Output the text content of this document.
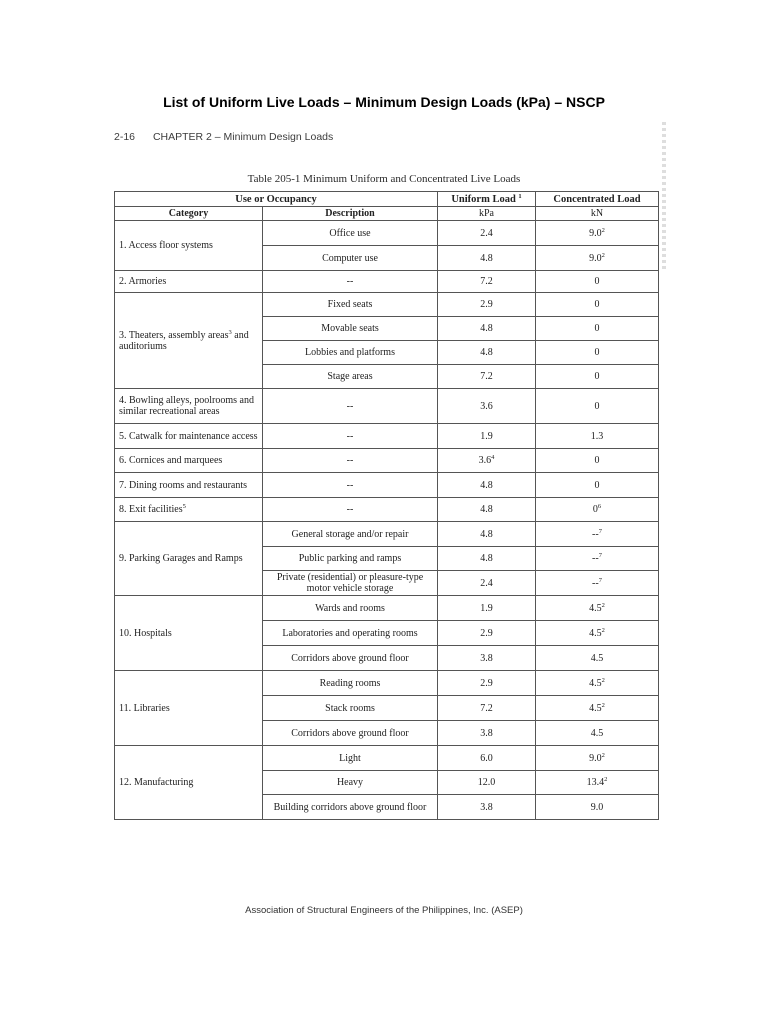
List of Uniform Live Loads – Minimum Design Loads (kPa) – NSCP
2-16 CHAPTER 2 – Minimum Design Loads
Table 205-1 Minimum Uniform and Concentrated Live Loads
Use or Occupancy		Uniform Load $^1$	Concentrated Load
Category	Description	kPa	kN
1. Access floor systems	Office use	2.4	$9.0^2$
	Computer use	4.8	$9.0^2$
2. Armories	--	7.2	0
3. Theaters, assembly areas$^3$ and auditoriums	Fixed seats	2.9	0
	Movable seats	4.8	0
	Lobbies and platforms	4.8	0
	Stage areas	7.2	0
4. Bowling alleys, poolrooms and similar recreational areas	--	3.6	0
5. Catwalk for maintenance access	--	1.9	1.3
6. Cornices and marquees	--	$3.6^4$	0
7. Dining rooms and restaurants	--	4.8	0
8. Exit facilities$^5$	--	4.8	$0^6$
9. Parking Garages and Ramps	General storage and/or repair	4.8	--$^7$
	Public parking and ramps	4.8	--$^7$
	Private (residential) or pleasure-type motor vehicle storage	2.4	--$^7$
10. Hospitals	Wards and rooms	1.9	$4.5^2$
	Laboratories and operating rooms	2.9	$4.5^2$
	Corridors above ground floor	3.8	4.5
11. Libraries	Reading rooms	2.9	$4.5^2$
	Stack rooms	7.2	$4.5^2$
	Corridors above ground floor	3.8	4.5
12. Manufacturing	Light	6.0	$9.0^2$
	Heavy	12.0	13.4$^2$
	Building corridors above ground floor	3.8	9.0
Association of Structural Engineers of the Philippines, Inc. (ASEP)
